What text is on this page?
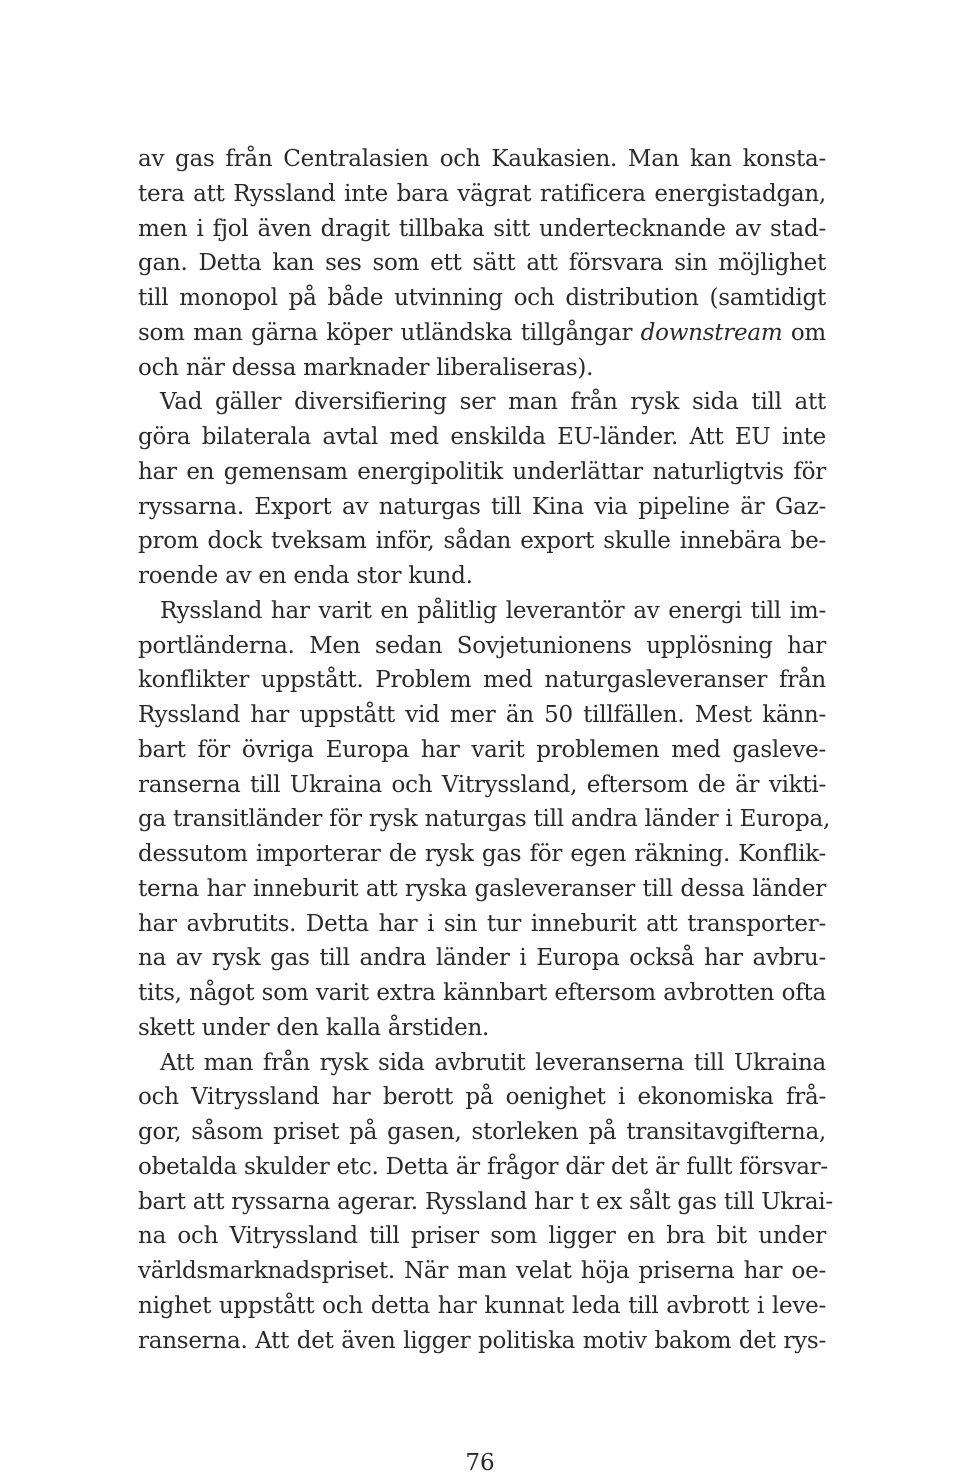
av gas från Centralasien och Kaukasien. Man kan konsta-
tera att Ryssland inte bara vägrat ratificera energistadgan,
men i fjol även dragit tillbaka sitt undertecknande av stad-
gan. Detta kan ses som ett sätt att försvara sin möjlighet
till monopol på både utvinning och distribution (samtidigt
som man gärna köper utländska tillgångar downstream om
och när dessa marknader liberaliseras).
Vad gäller diversifiering ser man från rysk sida till att
göra bilaterala avtal med enskilda EU-länder. Att EU inte
har en gemensam energipolitik underlättar naturligtvis för
ryssarna. Export av naturgas till Kina via pipeline är Gaz-
prom dock tveksam inför, sådan export skulle innebära be-
roende av en enda stor kund.
Ryssland har varit en pålitlig leverantör av energi till im-
portländerna. Men sedan Sovjetunionens upplösning har
konflikter uppstått. Problem med naturgasleveranser från
Ryssland har uppstått vid mer än 50 tillfällen. Mest känn-
bart för övriga Europa har varit problemen med gasleve-
ranserna till Ukraina och Vitryssland, eftersom de är vikti-
ga transitländer för rysk naturgas till andra länder i Europa,
dessutom importerar de rysk gas för egen räkning. Konflik-
terna har inneburit att ryska gasleveranser till dessa länder
har avbrutits. Detta har i sin tur inneburit att transporter-
na av rysk gas till andra länder i Europa också har avbru-
tits, något som varit extra kännbart eftersom avbrotten ofta
skett under den kalla årstiden.
Att man från rysk sida avbrutit leveranserna till Ukraina
och Vitryssland har berott på oenighet i ekonomiska frå-
gor, såsom priset på gasen, storleken på transitavgifterna,
obetalda skulder etc. Detta är frågor där det är fullt försvar-
bart att ryssarna agerar. Ryssland har t ex sålt gas till Ukrai-
na och Vitryssland till priser som ligger en bra bit under
världsmarknadspriset. När man velat höja priserna har oe-
nighet uppstått och detta har kunnat leda till avbrott i leve-
ranserna. Att det även ligger politiska motiv bakom det rys-
76
